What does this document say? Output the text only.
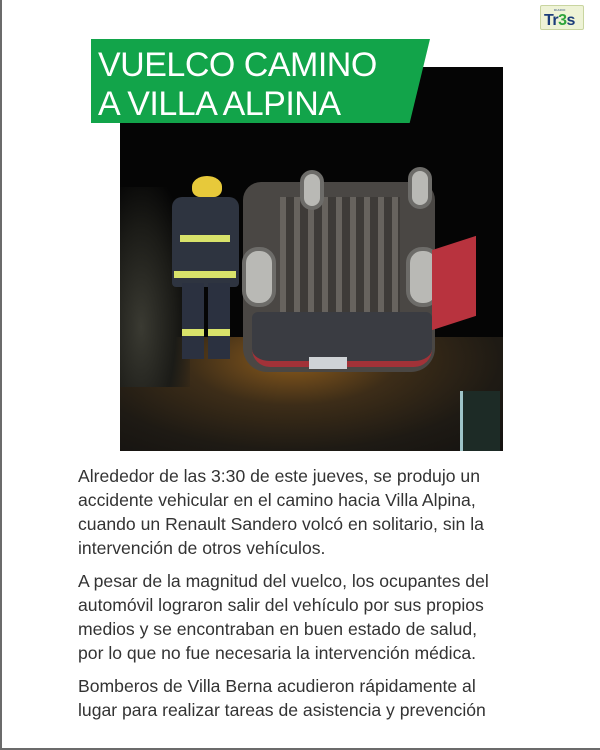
DIARIO
Tr3s
VUELCO CAMINO
A VILLA ALPINA
Alrededor de las 3:30 de este jueves, se produjo un
accidente vehicular en el camino hacia Villa Alpina,
cuando un Renault Sandero volcó en solitario, sin la
intervención de otros vehículos.
A pesar de la magnitud del vuelco, los ocupantes del
automóvil lograron salir del vehículo por sus propios
medios y se encontraban en buen estado de salud,
por lo que no fue necesaria la intervención médica.
Bomberos de Villa Berna acudieron rápidamente al
lugar para realizar tareas de asistencia y prevención
